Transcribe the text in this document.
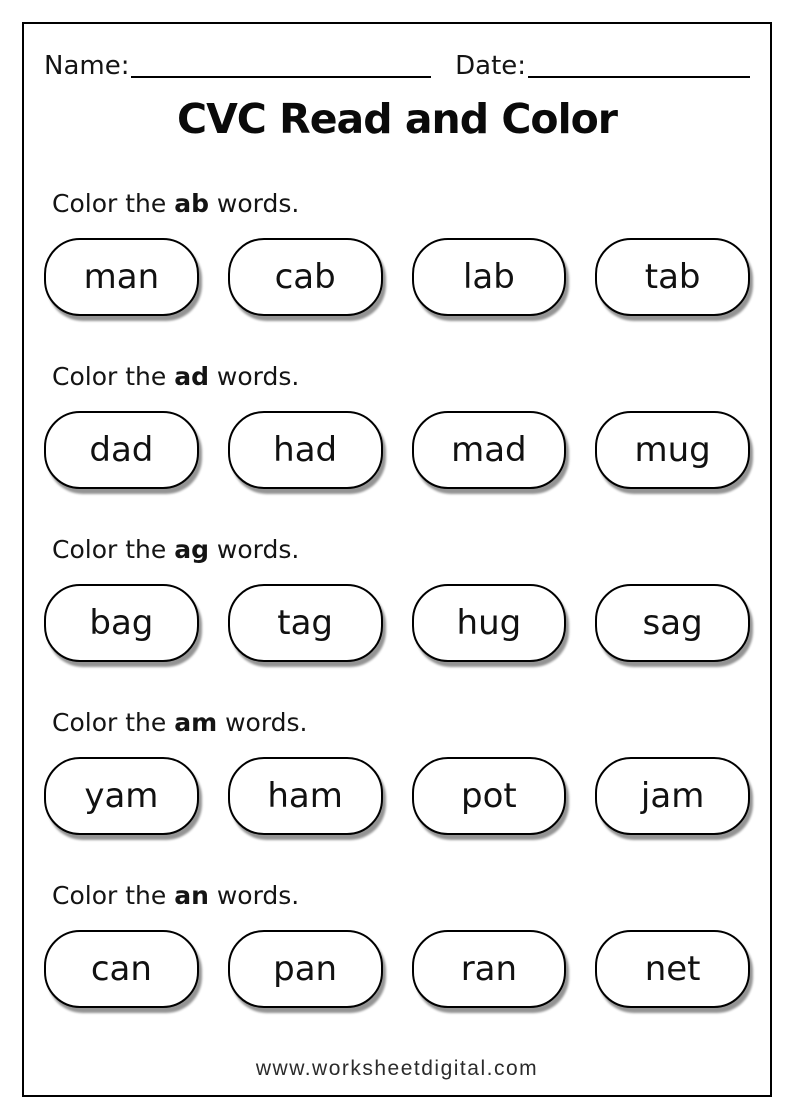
Name:	Date:
CVC Read and Color
Color the ab words.
man	cab	lab	tab
Color the ad words.
dad	had	mad	mug
Color the ag words.
bag	tag	hug	sag
Color the am words.
yam	ham	pot	jam
Color the an words.
can	pan	ran	net
www.worksheetdigital.com
